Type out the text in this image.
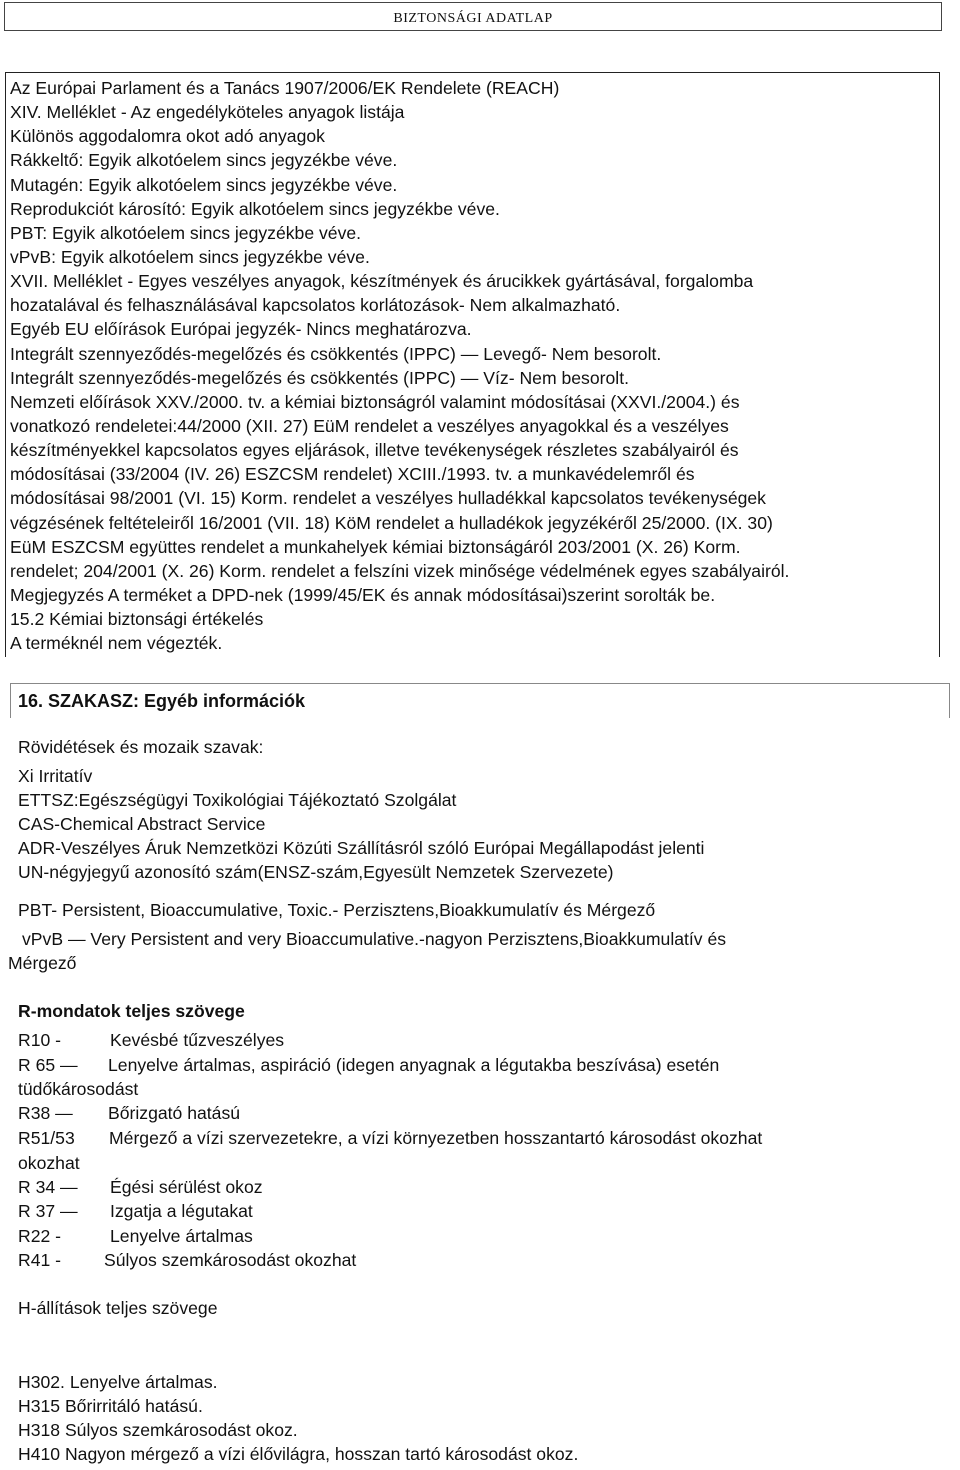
BIZTONSÁGI ADATLAP
Az Európai Parlament és a Tanács 1907/2006/EK Rendelete (REACH)
XIV. Melléklet - Az engedélyköteles anyagok listája
Különös aggodalomra okot adó anyagok
Rákkeltő: Egyik alkotóelem sincs jegyzékbe véve.
Mutagén: Egyik alkotóelem sincs jegyzékbe véve.
Reprodukciót károsító: Egyik alkotóelem sincs jegyzékbe véve.
PBT: Egyik alkotóelem sincs jegyzékbe véve.
vPvB: Egyik alkotóelem sincs jegyzékbe véve.
XVII. Melléklet - Egyes veszélyes anyagok, készítmények és árucikkek gyártásával, forgalomba
hozatalával és felhasználásával kapcsolatos korlátozások- Nem alkalmazható.
Egyéb EU előírások Európai jegyzék- Nincs meghatározva.
Integrált szennyeződés-megelőzés és csökkentés (IPPC) — Levegő- Nem besorolt.
Integrált szennyeződés-megelőzés és csökkentés (IPPC) — Víz- Nem besorolt.
Nemzeti előírások XXV./2000. tv. a kémiai biztonságról valamint módosításai (XXVI./2004.) és
vonatkozó rendeletei:44/2000 (XII. 27) EüM rendelet a veszélyes anyagokkal és a veszélyes
készítményekkel kapcsolatos egyes eljárások, illetve tevékenységek részletes szabályairól és
módosításai (33/2004 (IV. 26) ESZCSM rendelet) XCIII./1993. tv. a munkavédelemről és
módosításai 98/2001 (VI. 15) Korm. rendelet a veszélyes hulladékkal kapcsolatos tevékenységek
végzésének feltételeiről 16/2001 (VII. 18) KöM rendelet a hulladékok jegyzékéről 25/2000. (IX. 30)
EüM ESZCSM együttes rendelet a munkahelyek kémiai biztonságáról 203/2001 (X. 26) Korm.
rendelet; 204/2001 (X. 26) Korm. rendelet a felszíni vizek minősége védelmének egyes szabályairól.
Megjegyzés A terméket a DPD-nek (1999/45/EK és annak módosításai)szerint sorolták be.
15.2 Kémiai biztonsági értékelés
A terméknél nem végezték.
16. SZAKASZ: Egyéb információk
Rövidétések és mozaik szavak:
Xi Irritatív
ETTSZ:Egészségügyi Toxikológiai Tájékoztató Szolgálat
CAS-Chemical Abstract Service
ADR-Veszélyes Áruk Nemzetközi Közúti Szállításról szóló Európai Megállapodást jelenti
UN-négyjegyű azonosító szám(ENSZ-szám,Egyesült Nemzetek Szervezete)
PBT- Persistent, Bioaccumulative, Toxic.- Perzisztens,Bioakkumulatív és Mérgező
vPvB — Very Persistent and very Bioaccumulative.-nagyon Perzisztens,Bioakkumulatív és
Mérgező
R-mondatok teljes szövege
R10 -	Kevésbé tűzveszélyes
R 65 — Lenyelve ártalmas, aspiráció (idegen anyagnak a légutakba beszívása) esetén
tüdőkárosodást
R38 — Bőrizgató hatású
R51/53 Mérgező a vízi szervezetekre, a vízi környezetben hosszantartó károsodást okozhat
okozhat
R 34 — Égési sérülést okoz
R 37 — Izgatja a légutakat
R22 -	Lenyelve ártalmas
R41 - Súlyos szemkárosodást okozhat
H-állítások teljes szövege
H302. Lenyelve ártalmas.
H315 Bőrirritáló hatású.
H318 Súlyos szemkárosodást okoz.
H410 Nagyon mérgező a vízi élővilágra, hosszan tartó károsodást okoz.
